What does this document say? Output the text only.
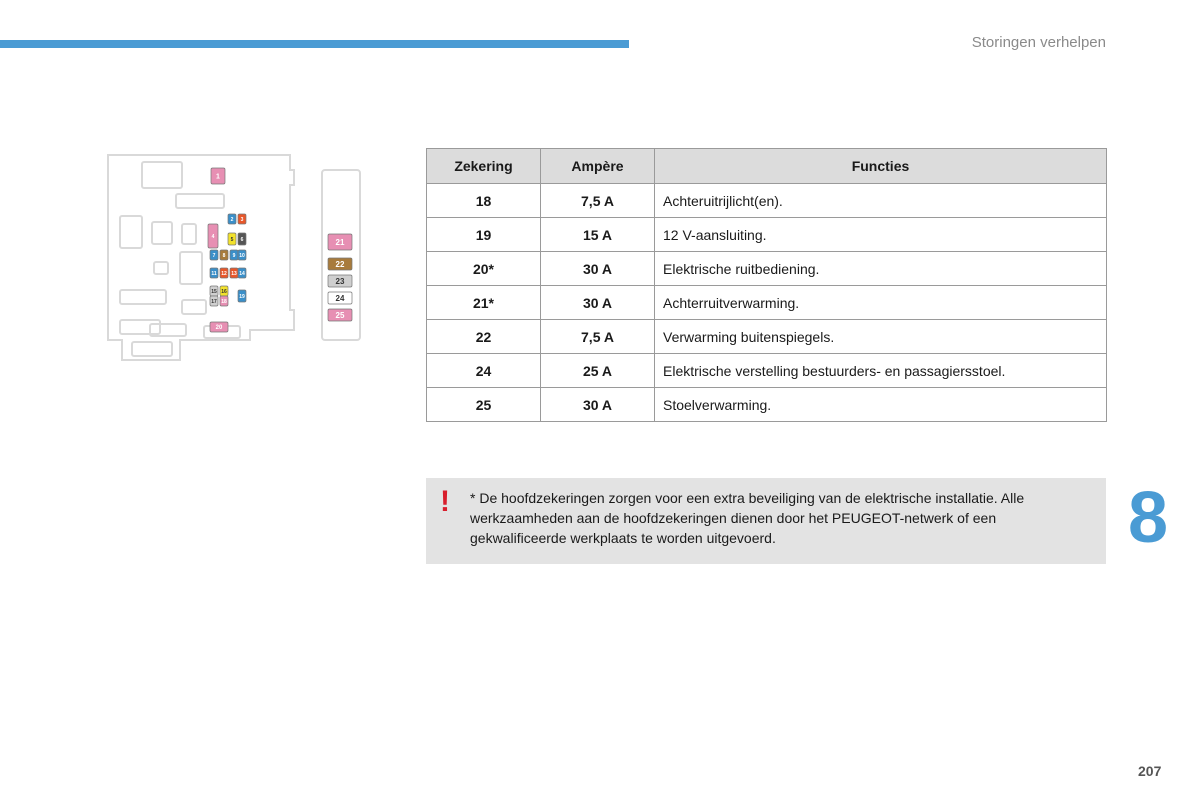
Storingen verhelpen
1
2 3
4	5 6
7 8 9 10
11 12 13 14
15 16
17 18
19
20
21
22
23
24
25
Zekering	Ampère	Functies
18	7,5 A	Achteruitrijlicht(en).
19	15 A	12 V-aansluiting.
20*	30 A	Elektrische ruitbediening.
21*	30 A	Achterruitverwarming.
22	7,5 A	Verwarming buitenspiegels.
24	25 A	Elektrische verstelling bestuurders- en passagiersstoel.
25	30 A	Stoelverwarming.
! * De hoofdzekeringen zorgen voor een extra beveiliging van de elektrische installatie. Alle werkzaamheden aan de hoofdzekeringen dienen door het PEUGEOT-netwerk of een gekwalificeerde werkplaats te worden uitgevoerd.	8
207
